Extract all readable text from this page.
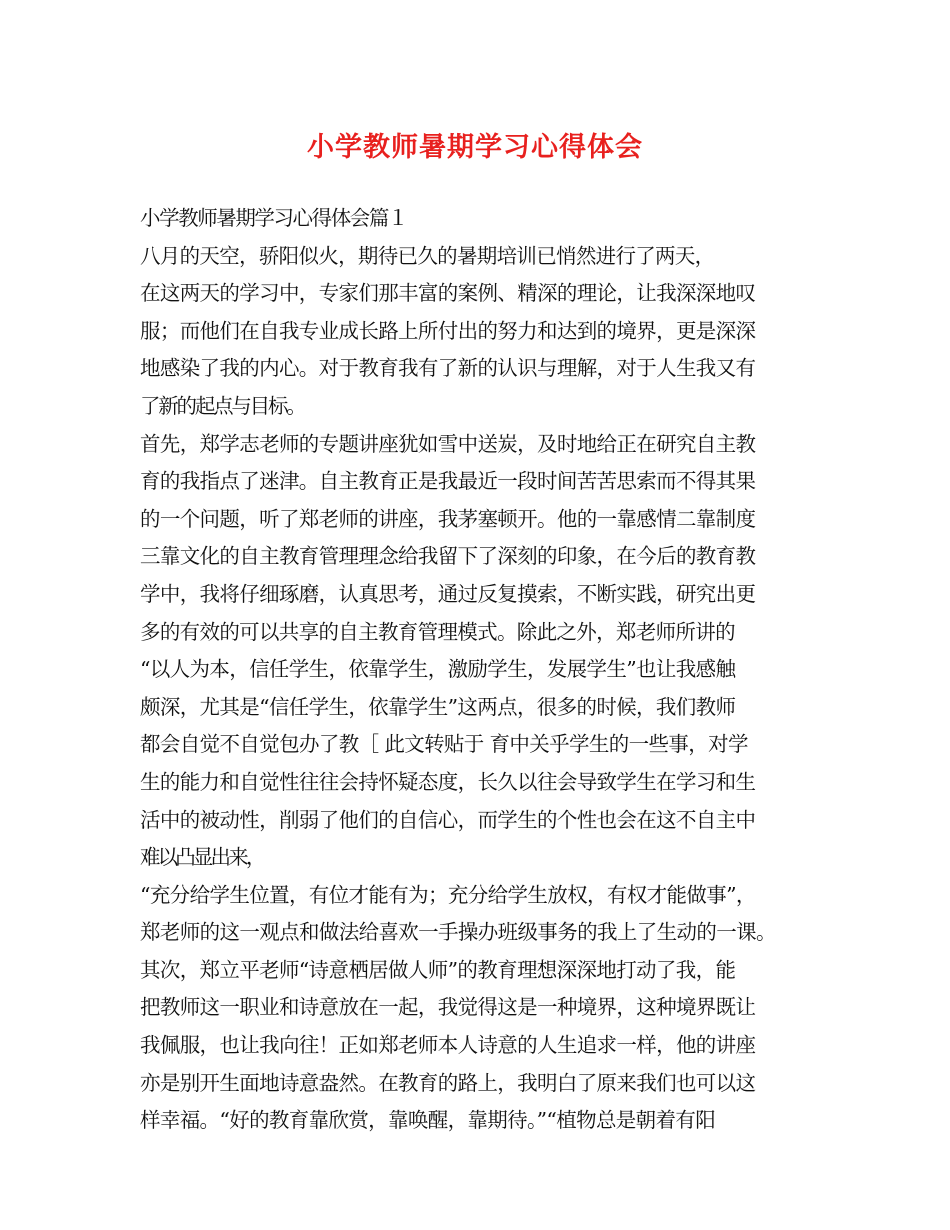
小学教师暑期学习心得体会
小学教师暑期学习心得体会篇１
八月的天空，骄阳似火，期待已久的暑期培训已悄然进行了两天，
在这两天的学习中，专家们那丰富的案例、精深的理论，让我深深地叹
服；而他们在自我专业成长路上所付出的努力和达到的境界，更是深深
地感染了我的内心。对于教育我有了新的认识与理解，对于人生我又有
了新的起点与目标。
首先，郑学志老师的专题讲座犹如雪中送炭，及时地给正在研究自主教
育的我指点了迷津。自主教育正是我最近一段时间苦苦思索而不得其果
的一个问题，听了郑老师的讲座，我茅塞顿开。他的一靠感情二靠制度
三靠文化的自主教育管理理念给我留下了深刻的印象，在今后的教育教
学中，我将仔细琢磨，认真思考，通过反复摸索，不断实践，研究出更
多的有效的可以共享的自主教育管理模式。除此之外，郑老师所讲的
“以人为本，信任学生，依靠学生，激励学生，发展学生”也让我感触
颇深，尤其是“信任学生，依靠学生”这两点，很多的时候，我们教师
都会自觉不自觉包办了教［ 此文转贴于 育中关乎学生的一些事，对学
生的能力和自觉性往往会持怀疑态度，长久以往会导致学生在学习和生
活中的被动性，削弱了他们的自信心，而学生的个性也会在这不自主中
难以凸显出来，
“充分给学生位置，有位才能有为；充分给学生放权，有权才能做事”，
郑老师的这一观点和做法给喜欢一手操办班级事务的我上了生动的一课。
其次，郑立平老师“诗意栖居做人师”的教育理想深深地打动了我，能
把教师这一职业和诗意放在一起，我觉得这是一种境界，这种境界既让
我佩服，也让我向往！正如郑老师本人诗意的人生追求一样，他的讲座
亦是别开生面地诗意盎然。在教育的路上，我明白了原来我们也可以这
样幸福。“好的教育靠欣赏，靠唤醒，靠期待。”“植物总是朝着有阳
